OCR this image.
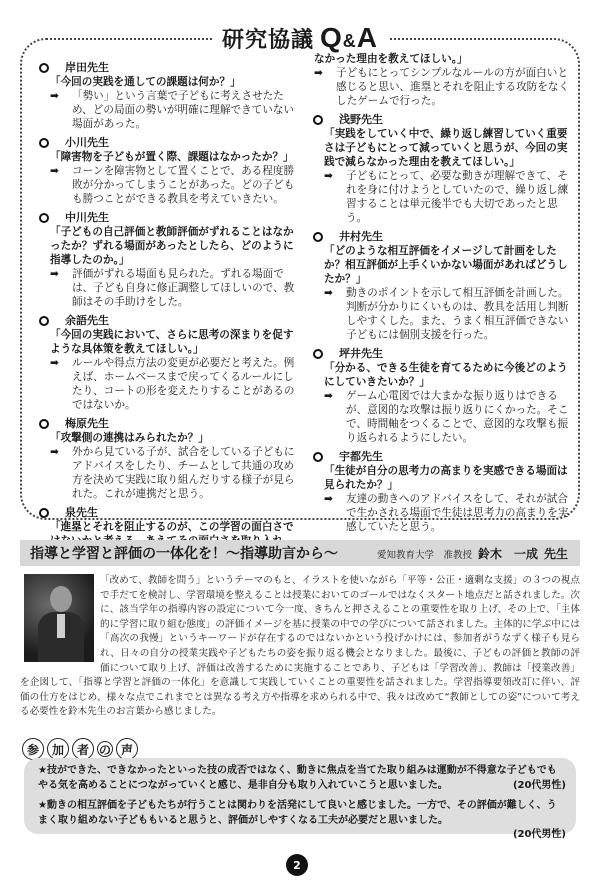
研究協議 Q&A
岸田先生
「今回の実践を通しての課題は何か？」
➡	「勢い」という言葉で子どもに考えさせたため、どの局面の勢いが明確に理解できていない場面があった。
小川先生
「障害物を子どもが置く際、課題はなかったか？」
➡	コーンを障害物として置くことで、ある程度勝敗が分かってしまうことがあった。どの子どもも勝つことができる教具を考えていきたい。
中川先生
「子どもの自己評価と教師評価がずれることはなかったか？ずれる場面があったとしたら、どのように指導したのか。」
➡	評価がずれる場面も見られた。ずれる場面では、子ども自身に修正調整してほしいので、教師はその手助けをした。
余語先生
「今回の実践において、さらに思考の深まりを促すような具体策を教えてほしい。」
➡	ルールや得点方法の変更が必要だと考えた。例えば、ホームベースまで戻ってくるルールにしたり、コートの形を変えたりすることがあるのではないか。
梅原先生
「攻撃側の連携はみられたか？」
➡	外から見ている子が、試合をしている子どもにアドバイスをしたり、チームとして共通の攻め方を決めて実践に取り組んだりする様子が見られた。これが連携だと思う。
泉先生
「進塁とそれを阻止するのが、この学習の面白さで
なかった理由を教えてほしい。」
➡	子どもにとってシンプルなルールの方が面白いと感じると思い、進塁とそれを阻止する攻防をなくしたゲームで行った。
浅野先生
「実践をしていく中で、繰り返し練習していく重要さは子どもにとって減っていくと思うが、今回の実践で減らなかった理由を教えてほしい。」
➡	子どもにとって、必要な動きが理解できて、それを身に付けようとしていたので、繰り返し練習することは単元後半でも大切であったと思う。
井村先生
「どのような相互評価をイメージして計画をしたか？相互評価が上手くいかない場面があればどうしたか？」
➡	動きのポイントを示して相互評価を計画した。判断が分かりにくいものは、教具を活用し判断しやすくした。また、うまく相互評価できない子どもには個別支援を行った。
坪井先生
「分かる、できる生徒を育てるために今後どのようにしていきたいか？」
➡	ゲーム心電図では大まかな振り返りはできるが、意図的な攻撃は振り返りにくかった。そこで、時間軸をつくることで、意図的な攻撃も振り返られるようにしたい。
宇都先生
「生徒が自分の思考力の高まりを実感できる場面は見られたか？」
➡	友達の動きへのアドバイスをして、それが試合で生かされる場面で生徒は思考力の高まりを実感していたと思う。
指導と学習と評価の一体化を！～指導助言から～	愛知教育大学　准教授 鈴木　一成 先生
「改めて、教師を問う」というテーマのもと、イラストを使いながら「平等・公正・適剰な支援」の３つの視点で手だてを検討し、学習環境を整えることは授業においてのゴールではなくスタート地点だと話されました。次に、該当学年の指導内容の設定について今一度、きちんと押さえることの重要性を取り上げ、その上で、「主体的に学習に取り組む態度」の評価イメージを基に授業の中での学びについて話されました。主体的に学ぶ中には「高次の我慢」というキーワードが存在するのではないかという投げかけには、参加者がうなずく様子も見られ、日々の自分の授業実践や子どもたちの姿を振り返る機会となりました。最後に、子どもの評価と教師の評価について取り上げ、評価は改善するために実施することであり、子どもは「学習改善」、教師は「授業改善」を企図して、「指導と学習と評価の一体化」を意識して実践していくことの重要性を話されました。学習指導要領改訂に伴い、評価の仕方をはじめ、様々な点でこれまでとは異なる考え方や指導を求められる中で、我々は改めて“教師としての姿”について考える必要性を鈴木先生のお言葉から感じました。
参	加	者 の 声
★技ができた、できなかったといった技の成否ではなく、動きに焦点を当てた取り組みは運動が不得意な子どもでもやる気を高めることにつながっていくと感じ、是非自分も取り入れていこうと思いました。	(20代男性)
★動きの相互評価を子どもたちが行うことは関わりを活発にして良いと感じました。一方で、その評価が難しく、うまく取り組めない子どももいると思うと、評価がしやすくなる工夫が必要だと思いました。
(20代男性)
2
